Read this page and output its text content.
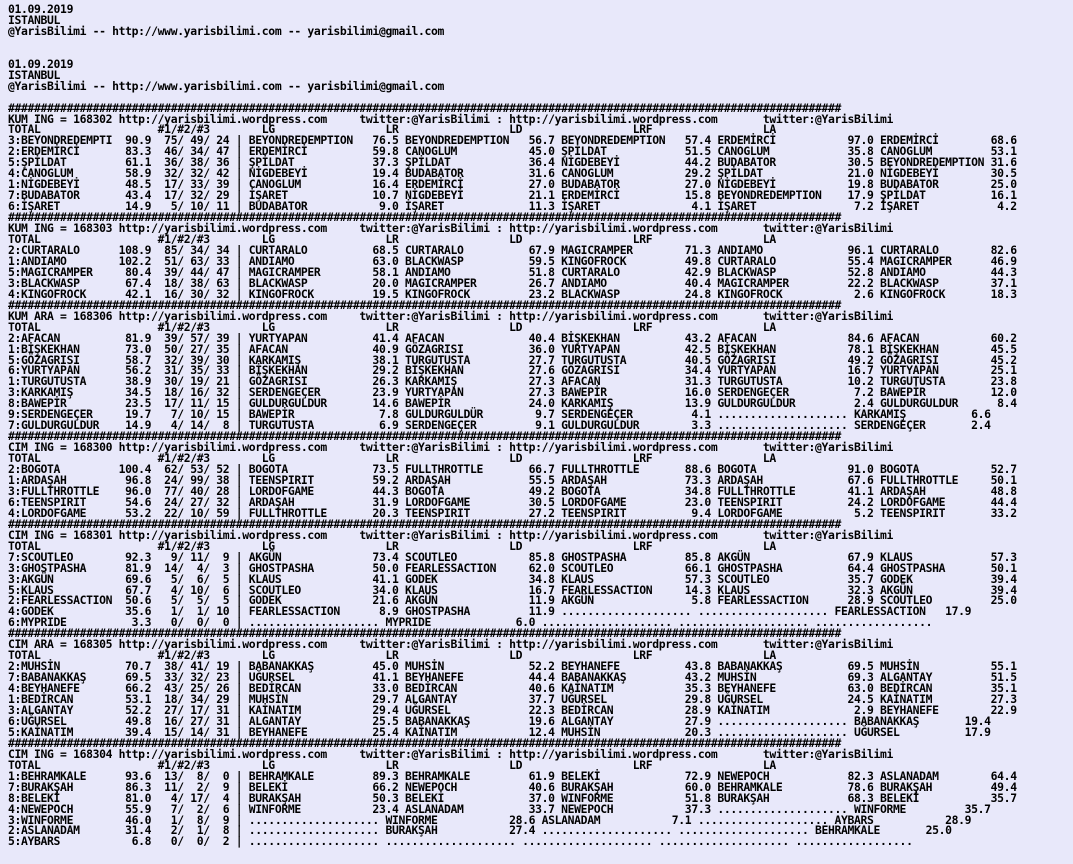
01.09.2019
ISTANBUL
@YarisBilimi -- http://www.yarisbilimi.com -- yarisbilimi@gmail.com

01.09.2019
ISTANBUL
@YarisBilimi -- http://www.yarisbilimi.com -- yarisbilimi@gmail.com

################################################################################################################################
KUM ING = 168302 http://yarisbilimi.wordpress.com     twitter:@YarisBilimi : http://yarisbilimi.wordpress.com       twitter:@YarisBilimi
TOTAL                  #1/#2/#3        LG                 LR                 LD                 LRF                 LA
3:BEYONDREDEMPTI  90.9  75/ 49/ 24 | BEYONDREDEMPTION   76.5 BEYONDREDEMPTION   56.7 BEYONDREDEMPTION   57.4 ERDEMİRCİ           97.0 ERDEMİRCİ        68.6
2:ERDEMİRCİ       83.3  46/ 34/ 47 | ERDEMİRCİ          59.8 CANOGLUM           45.0 ŞPİLDAT            51.5 CANOGLUM            35.8 CANOGLUM         53.1
5:ŞPİLDAT         61.1  36/ 38/ 36 | ŞPİLDAT            37.3 ŞPİLDAT            36.4 NİGDEBEYİ          44.2 BUDABATOR           30.5 BEYONDREDEMPTION 31.6
4:CANOGLUM        58.9  32/ 32/ 42 | NİGDEBEYİ          19.4 BUDABATOR          31.6 CANOGLUM           29.2 ŞPİLDAT             21.0 NİGDEBEYİ        30.5
1:NİGDEBEYİ       48.5  17/ 33/ 39 | CANOGLUM           16.4 ERDEMİRCİ          27.0 BUDABATOR          27.0 NİGDEBEYİ           19.8 BUDABATOR        25.0
7:BUDABATOR       43.4  17/ 32/ 29 | İŞARET             10.7 NİGDEBEYİ          21.1 ERDEMİRCİ          15.8 BEYONDREDEMPTION    17.9 ŞPİLDAT          16.1
6:İŞARET          14.9   5/ 10/ 11 | BUDABATOR           9.0 İŞARET             11.3 İŞARET              4.1 İŞARET               7.2 İŞARET            4.2
################################################################################################################################
KUM ING = 168303 http://yarisbilimi.wordpress.com     twitter:@YarisBilimi : http://yarisbilimi.wordpress.com       twitter:@YarisBilimi
TOTAL                  #1/#2/#3        LG                 LR                 LD                 LRF                 LA
2:CURTARALO      108.9  85/ 34/ 34 | CURTARALO          68.5 CURTARALO          67.9 MAGICRAMPER        71.3 ANDIAMO             96.1 CURTARALO        82.6
1:ANDIAMO        102.2  51/ 63/ 33 | ANDIAMO            63.0 BLACKWASP          59.5 KINGOFROCK         49.8 CURTARALO           55.4 MAGICRAMPER      46.9
5:MAGICRAMPER     80.4  39/ 44/ 47 | MAGICRAMPER        58.1 ANDIAMO            51.8 CURTARALO          42.9 BLACKWASP           52.8 ANDIAMO          44.3
3:BLACKWASP       67.4  18/ 38/ 63 | BLACKWASP          20.0 MAGICRAMPER        26.7 ANDIAMO            40.4 MAGICRAMPER         22.2 BLACKWASP        37.1
4:KINGOFROCK      42.1  16/ 30/ 32 | KINGOFROCK         19.5 KINGOFROCK         23.2 BLACKWASP          24.8 KINGOFROCK           2.6 KINGOFROCK       18.3
################################################################################################################################
KUM ARA = 168306 http://yarisbilimi.wordpress.com     twitter:@YarisBilimi : http://yarisbilimi.wordpress.com       twitter:@YarisBilimi
TOTAL                  #1/#2/#3        LG                 LR                 LD                 LRF                 LA
2:AFACAN          81.9  39/ 57/ 39 | YURTYAPAN          41.4 AFACAN             40.4 BİŞKEKHAN          43.2 AFACAN              84.6 AFACAN           60.2
1:BİŞKEKHAN       73.0  50/ 27/ 35 | AFACAN             40.9 GÖZAGRISI          36.0 YURTYAPAN          42.5 BİŞKEKHAN           78.1 BİŞKEKHAN        45.5
5:GÖZAGRISI       58.7  32/ 39/ 30 | KARKAMIŞ           38.1 TURGUTUSTA         27.7 TURGUTUSTA         40.5 GÖZAGRISI           49.2 GÖZAGRISI        45.2
6:YURTYAPAN       56.2  31/ 35/ 33 | BİŞKEKHAN          29.2 BİŞKEKHAN          27.6 GÖZAGRISI          34.4 YURTYAPAN           16.7 YURTYAPAN        25.1
1:TURGUTUSTA      38.9  30/ 19/ 21 | GÖZAGRISI          26.3 KARKAMIŞ           27.3 AFACAN             31.3 TURGUTUSTA          10.2 TURGUTUSTA       23.8
3:KARKAMIŞ        34.5  18/ 16/ 32 | SERDENGEÇER        23.9 YURTYAPAN          27.3 BAWEPİR            16.0 SERDENGEÇER          7.2 BAWEPİR          12.0
8:BAWEPİR         23.5  17/ 11/ 15 | GULDURGULDUR       14.6 BAWEPİR            24.0 KARKAMIŞ           13.9 GULDURGULDUR         2.4 GULDURGULDUR      8.4
9:SERDENGEÇER     19.7   7/ 10/ 15 | BAWEPİR             7.8 GULDURGULDÜR        9.7 SERDENGEÇER         4.1 .................... KARKAMIŞ          6.6
7:GULDURGULDUR    14.9   4/ 14/  8 | TURGUTUSTA          6.9 SERDENGEÇER         9.1 GULDURGULDUR        3.3 .................... SERDENGEÇER       2.4
################################################################################################################################
CIM ING = 168300 http://yarisbilimi.wordpress.com     twitter:@YarisBilimi : http://yarisbilimi.wordpress.com       twitter:@YarisBilimi
TOTAL                  #1/#2/#3        LG                 LR                 LD                 LRF                 LA
2:BOGOTA         100.4  62/ 53/ 52 | BOGOTA             73.5 FULLTHROTTLE       66.7 FULLTHROTTLE       88.6 BOGOTA              91.0 BOGOTA           52.7
1:ARDAŞAH         96.8  24/ 99/ 38 | TEENSPIRIT         59.2 ARDAŞAH            55.5 ARDAŞAH            73.3 ARDAŞAH             67.6 FULLTHROTTLE     50.1
3:FULLTHROTTLE    96.0  77/ 40/ 28 | LORDOFGAME         44.3 BOGOTA             49.2 BOGOTA             34.8 FULLTHROTTLE        41.1 ARDAŞAH          48.8
6:TEENSPIRIT      54.6  24/ 27/ 32 | ARDAŞAH            31.9 LORDOFGAME         30.5 LORDOFGAME         23.0 TEENSPIRIT          24.2 LORDOFGAME       44.4
4:LORDOFGAME      53.2  22/ 10/ 59 | FULLTHROTTLE       20.3 TEENSPIRIT         27.2 TEENSPIRIT          9.4 LORDOFGAME           5.2 TEENSPIRIT       33.2
################################################################################################################################
CIM ING = 168301 http://yarisbilimi.wordpress.com     twitter:@YarisBilimi : http://yarisbilimi.wordpress.com       twitter:@YarisBilimi
TOTAL                  #1/#2/#3        LG                 LR                 LD                 LRF                 LA
7:SCOUTLEO        92.3   9/ 11/  9 | AKGÜN              73.4 SCOUTLEO           85.8 GHOSTPASHA         85.8 AKGÜN               67.9 KLAUS            57.3
3:GHOSTPASHA      81.9  14/  4/  3 | GHOSTPASHA         50.0 FEARLESSACTION     62.0 SCOUTLEO           66.1 GHOSTPASHA          64.4 GHOSTPASHA       50.1
3:AKGÜN           69.6   5/  6/  5 | KLAUS              41.1 GODEK              34.8 KLAUS              57.3 SCOUTLEO            35.7 GODEK            39.4
5:KLAUS           67.7   4/ 10/  6 | SCOUTLEO           34.0 KLAUS              16.7 FEARLESSACTION     14.3 KLAUS               32.3 AKGÜN            39.4
2:FEARLESSACTION  50.6   5/  5/  5 | GODEK              21.6 AKGÜN              11.9 AKGÜN               5.8 FEARLESSACTION      28.9 SCOUTLEO         25.0
4:GODEK           35.6   1/  1/ 10 | FEARLESSACTION      8.9 GHOSTPASHA         11.9 .................... .................... FEARLESSACTION   17.9
6:MYPRIDE          3.3   0/  0/  0 | .................... MYPRIDE             6.0 .................... .................... ..................
################################################################################################################################
CIM ARA = 168305 http://yarisbilimi.wordpress.com     twitter:@YarisBilimi : http://yarisbilimi.wordpress.com       twitter:@YarisBilimi
TOTAL                  #1/#2/#3        LG                 LR                 LD                 LRF                 LA
2:MUHSİN          70.7  38/ 41/ 19 | BABANAKKAŞ         45.0 MUHSİN             52.2 BEYHANEFE          43.8 BABANAKKAŞ          69.5 MUHSİN           55.1
7:BABANAKKAŞ      69.5  33/ 32/ 23 | UĞURSEL            41.1 BEYHANEFE          44.4 BABANAKKAŞ         43.2 MUHSİN              69.3 ALGANTAY         51.5
4:BEYHANEFE       66.2  43/ 25/ 26 | BEDİRCAN           33.0 BEDİRCAN           40.6 KAİNATIM           35.3 BEYHANEFE           63.0 BEDİRCAN         35.1
1:BEDİRCAN        53.1  18/ 34/ 29 | MUHSİN             29.7 ALGANTAY           37.7 UĞURSEL            29.8 UĞURSEL             24.5 KAİNATIM         27.3
3:ALGANTAY        52.2  27/ 17/ 31 | KAİNATIM           29.4 UĞURSEL            22.3 BEDİRCAN           28.9 KAİNATIM             2.9 BEYHANEFE        22.9
6:UĞURSEL         49.8  16/ 27/ 31 | ALGANTAY           25.5 BABANAKKAŞ         19.6 ALGANTAY           27.9 .................... BABANAKKAŞ       19.4
5:KAİNATIM        39.4  15/ 14/ 31 | BEYHANEFE          25.4 KAİNATIM           12.4 MUHSİN             20.3 .................... UĞURSEL          17.9
################################################################################################################################
CIM ING = 168304 http://yarisbilimi.wordpress.com     twitter:@YarisBilimi : http://yarisbilimi.wordpress.com       twitter:@YarisBilimi
TOTAL                  #1/#2/#3        LG                 LR                 LD                 LRF                 LA
1:BEHRAMKALE      93.6  13/  8/  0 | BEHRAMKALE         89.3 BEHRAMKALE         61.9 BELEKİ             72.9 NEWEPOCH            82.3 ASLANADAM        64.4
7:BURAKŞAH        86.3  11/  2/  9 | BELEKİ             66.2 NEWEPOCH           40.6 BURAKŞAH           60.0 BEHRAMKALE          78.6 BURAKŞAH         49.4
8:BELEKİ          81.0   4/ 17/  4 | BURAKŞAH           50.3 BELEKİ             37.0 WINFORME           51.8 BURAKŞAH            68.3 BELEKİ           35.7
4:NEWEPOCH        55.9   7/  2/  6 | WINFORME           23.4 ASLANADAM          33.7 NEWEPOCH           37.3 .................... WINFORME         35.7
3:WINFORME        46.0   1/  8/  9 | .................... WINFORME           28.6 ASLANADAM           7.1 .................... AYBARS           28.9
2:ASLANADAM       31.4   2/  1/  8 | .................... BURAKŞAH           27.4 .................... .................... BEHRAMKALE       25.0
5:AYBARS           6.8   0/  0/  2 | .................... .................... .................... .................... ..................
